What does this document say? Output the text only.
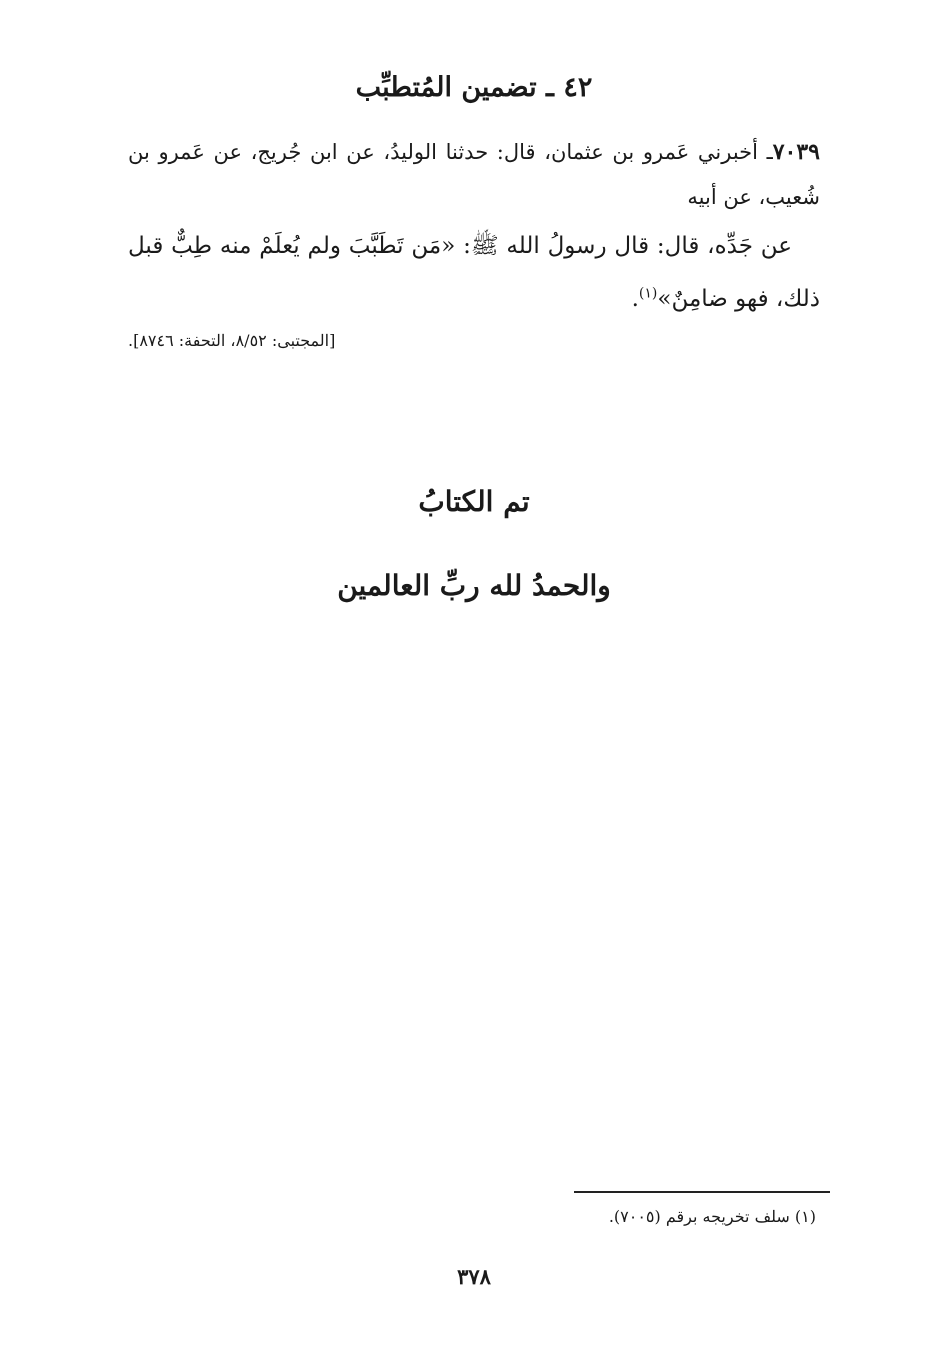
٤٢ ـ تضمين المُتطبِّب

٧٠٣٩ـ أخبرني عَمرو بن عثمان، قال: حدثنا الوليدُ، عن ابن جُريج، عن عَمرو بن شُعيب، عن أبيه

عن جَدِّه، قال: قال رسولُ الله ﷺ: «مَن تَطَبَّبَ ولم يُعلَمْ منه طِبٌّ قبل ذلك، فهو ضامِنٌ»$^{(١)}$.

[المجتبى: ٨/٥٢، التحفة: ٨٧٤٦].
تم الكتابُ
والحمدُ لله ربِّ العالمين
(١) سلف تخريجه برقم (٧٠٠٥).
٣٧٨
